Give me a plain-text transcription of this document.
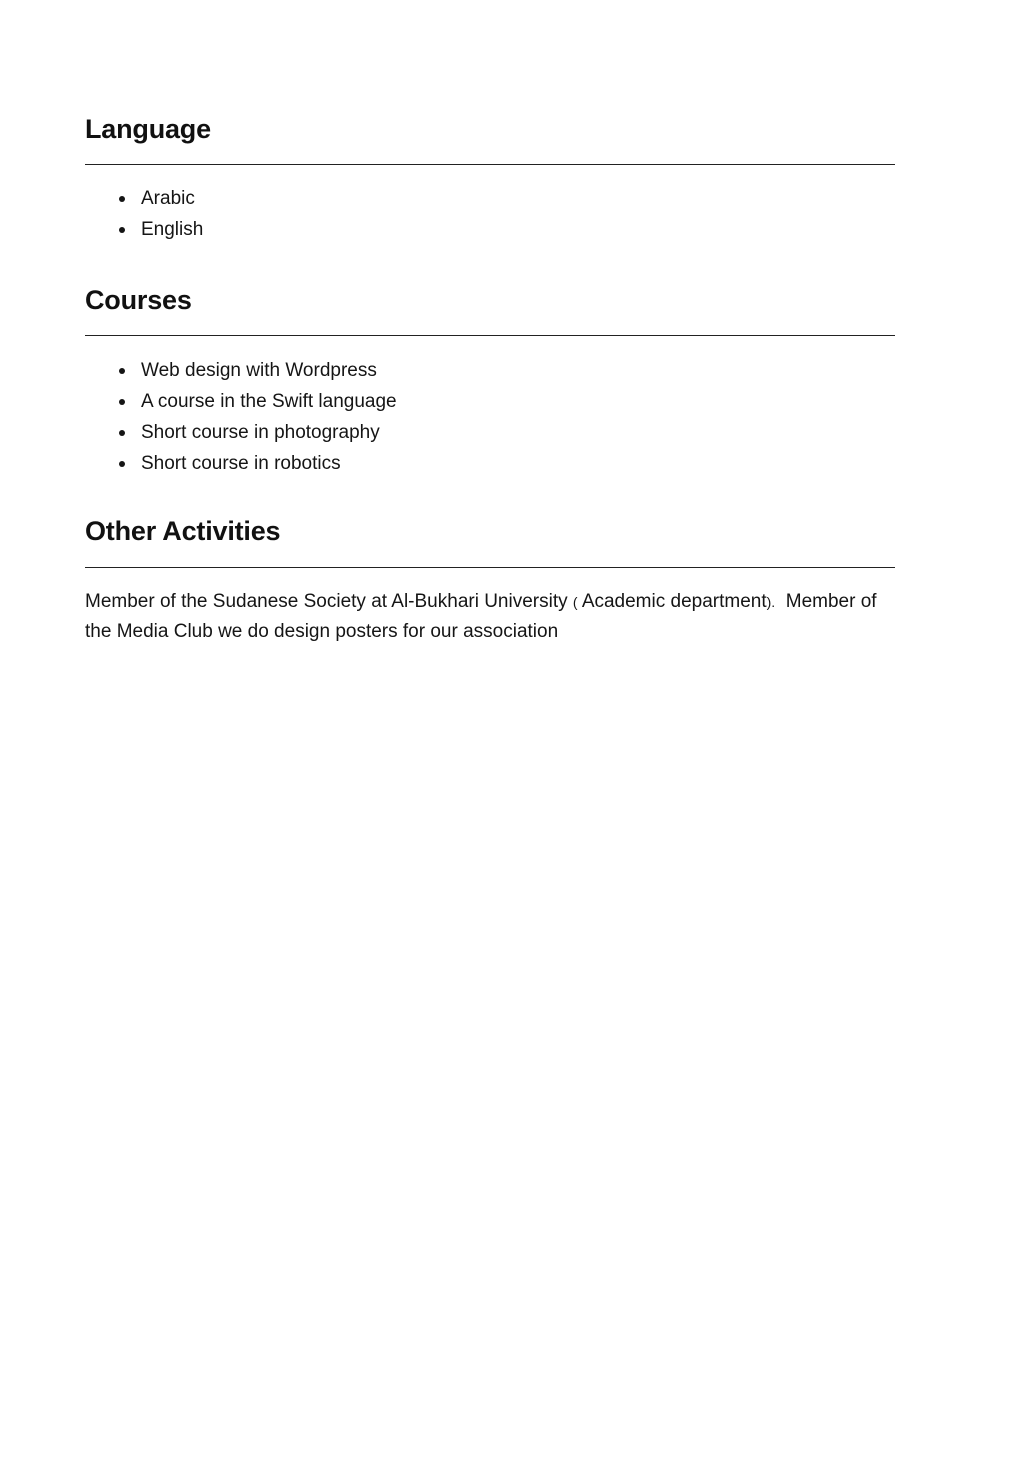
Language
Arabic
English
Courses
Web design with Wordpress
A course in the Swift language
Short course in photography
Short course in robotics
Other Activities

Member of the Sudanese Society at Al-Bukhari University ( Academic department). Member of the Media Club we do design posters for our association
